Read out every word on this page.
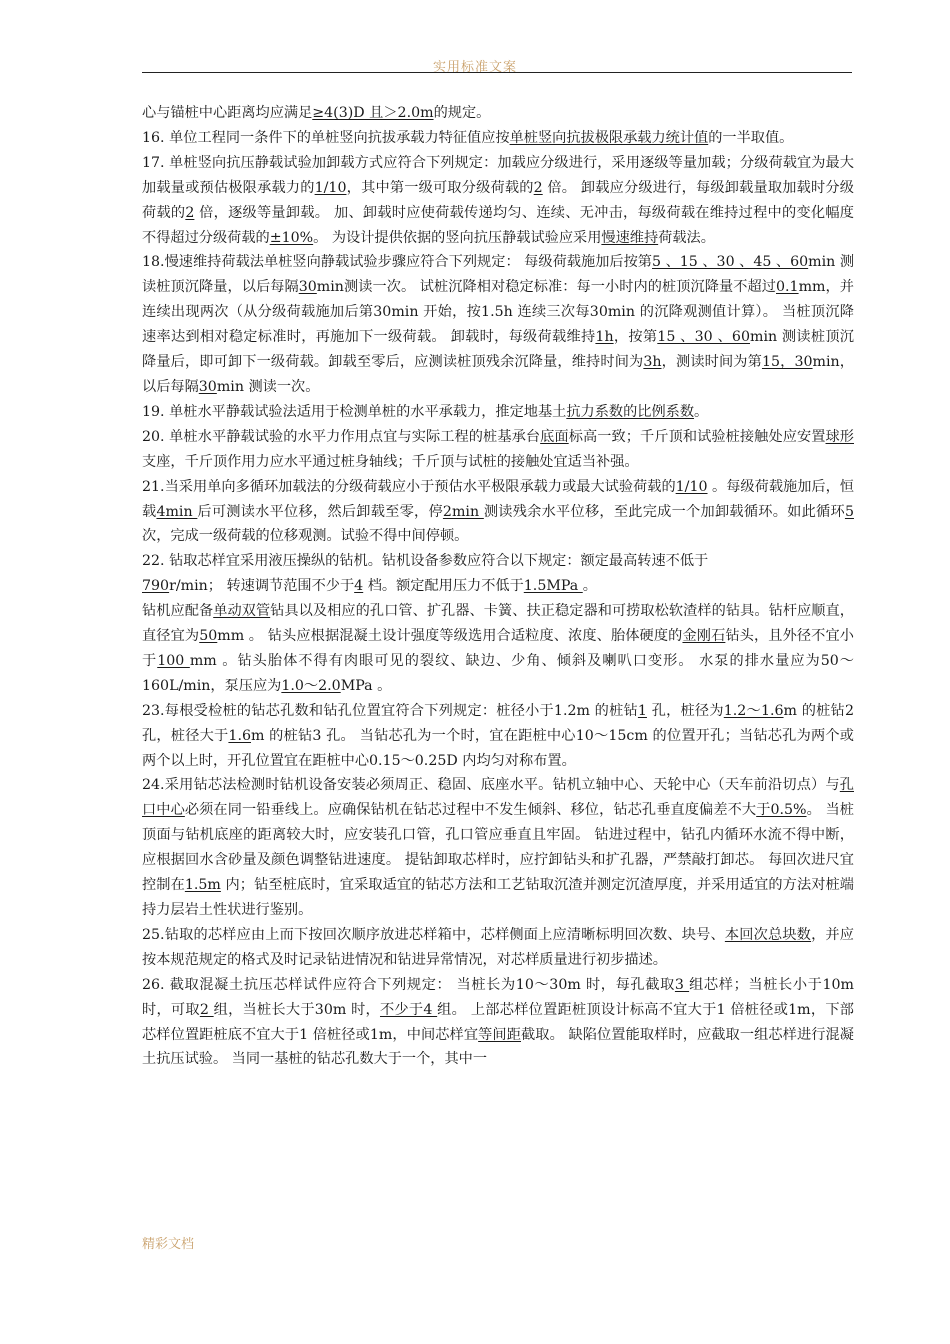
实用标准文案

心与锚桩中心距离均应满足≥4(3)D 且＞2.0m的规定。

16. 单位工程同一条件下的单桩竖向抗拔承载力特征值应按单桩竖向抗拔极限承载力统计值的一半取值。

17. 单桩竖向抗压静载试验加卸载方式应符合下列规定：加载应分级进行，采用逐级等量加载；分级荷载宜为最大加载量或预估极限承载力的1/10，其中第一级可取分级荷载的2 倍。 卸载应分级进行，每级卸载量取加载时分级荷载的2 倍，逐级等量卸载。 加、卸载时应使荷载传递均匀、连续、无冲击，每级荷载在维持过程中的变化幅度不得超过分级荷载的±10%。 为设计提供依据的竖向抗压静载试验应采用慢速维持荷载法。

18.慢速维持荷载法单桩竖向静载试验步骤应符合下列规定： 每级荷载施加后按第5 、15 、30 、45 、60min 测读桩顶沉降量，以后每隔30min测读一次。 试桩沉降相对稳定标准：每一小时内的桩顶沉降量不超过0.1mm，并连续出现两次（从分级荷载施加后第30min 开始，按1.5h 连续三次每30min 的沉降观测值计算）。 当桩顶沉降速率达到相对稳定标准时，再施加下一级荷载。 卸载时，每级荷载维持1h，按第15 、30 、60min 测读桩顶沉降量后，即可卸下一级荷载。卸载至零后，应测读桩顶残余沉降量，维持时间为3h，测读时间为第15，30min，以后每隔30min 测读一次。

19. 单桩水平静载试验法适用于检测单桩的水平承载力，推定地基土抗力系数的比例系数。

20. 单桩水平静载试验的水平力作用点宜与实际工程的桩基承台底面标高一致；千斤顶和试验桩接触处应安置球形支座，千斤顶作用力应水平通过桩身轴线；千斤顶与试桩的接触处宜适当补强。

21.当采用单向多循环加载法的分级荷载应小于预估水平极限承载力或最大试验荷载的1/10 。每级荷载施加后，恒载4min 后可测读水平位移，然后卸载至零，停2min 测读残余水平位移，至此完成一个加卸载循环。如此循环5 次，完成一级荷载的位移观测。试验不得中间停顿。

22. 钻取芯样宜采用液压操纵的钻机。钻机设备参数应符合以下规定：额定最高转速不低于
790r/min； 转速调节范围不少于4 档。额定配用压力不低于1.5MPa 。

钻机应配备单动双管钻具以及相应的孔口管、扩孔器、卡簧、扶正稳定器和可捞取松软渣样的钻具。钻杆应顺直，直径宜为50mm 。 钻头应根据混凝土设计强度等级选用合适粒度、浓度、胎体硬度的金刚石钻头，且外径不宜小于100 mm 。钻头胎体不得有肉眼可见的裂纹、缺边、少角、倾斜及喇叭口变形。 水泵的排水量应为50～160L/min，泵压应为1.0～2.0MPa 。

23.每根受检桩的钻芯孔数和钻孔位置宜符合下列规定：桩径小于1.2m 的桩钻1 孔，桩径为1.2～1.6m 的桩钻2 孔，桩径大于1.6m 的桩钻3 孔。 当钻芯孔为一个时，宜在距桩中心10～15cm 的位置开孔；当钻芯孔为两个或两个以上时，开孔位置宜在距桩中心0.15～0.25D 内均匀对称布置。

24.采用钻芯法检测时钻机设备安装必须周正、稳固、底座水平。钻机立轴中心、天轮中心（天车前沿切点）与孔口中心必须在同一铅垂线上。应确保钻机在钻芯过程中不发生倾斜、移位，钻芯孔垂直度偏差不大于0.5%。 当桩顶面与钻机底座的距离较大时，应安装孔口管，孔口管应垂直且牢固。 钻进过程中，钻孔内循环水流不得中断，应根据回水含砂量及颜色调整钻进速度。 提钻卸取芯样时，应拧卸钻头和扩孔器，严禁敲打卸芯。 每回次进尺宜控制在1.5m 内；钻至桩底时，宜采取适宜的钻芯方法和工艺钻取沉渣并测定沉渣厚度，并采用适宜的方法对桩端持力层岩土性状进行鉴别。

25.钻取的芯样应由上而下按回次顺序放进芯样箱中，芯样侧面上应清晰标明回次数、块号、本回次总块数，并应按本规范规定的格式及时记录钻进情况和钻进异常情况，对芯样质量进行初步描述。

26. 截取混凝土抗压芯样试件应符合下列规定： 当桩长为10～30m 时，每孔截取3 组芯样；当桩长小于10m时，可取2 组，当桩长大于30m 时，不少于4 组。 上部芯样位置距桩顶设计标高不宜大于1 倍桩径或1m，下部芯样位置距桩底不宜大于1 倍桩径或1m，中间芯样宜等间距截取。 缺陷位置能取样时，应截取一组芯样进行混凝土抗压试验。 当同一基桩的钻芯孔数大于一个，其中一

精彩文档
